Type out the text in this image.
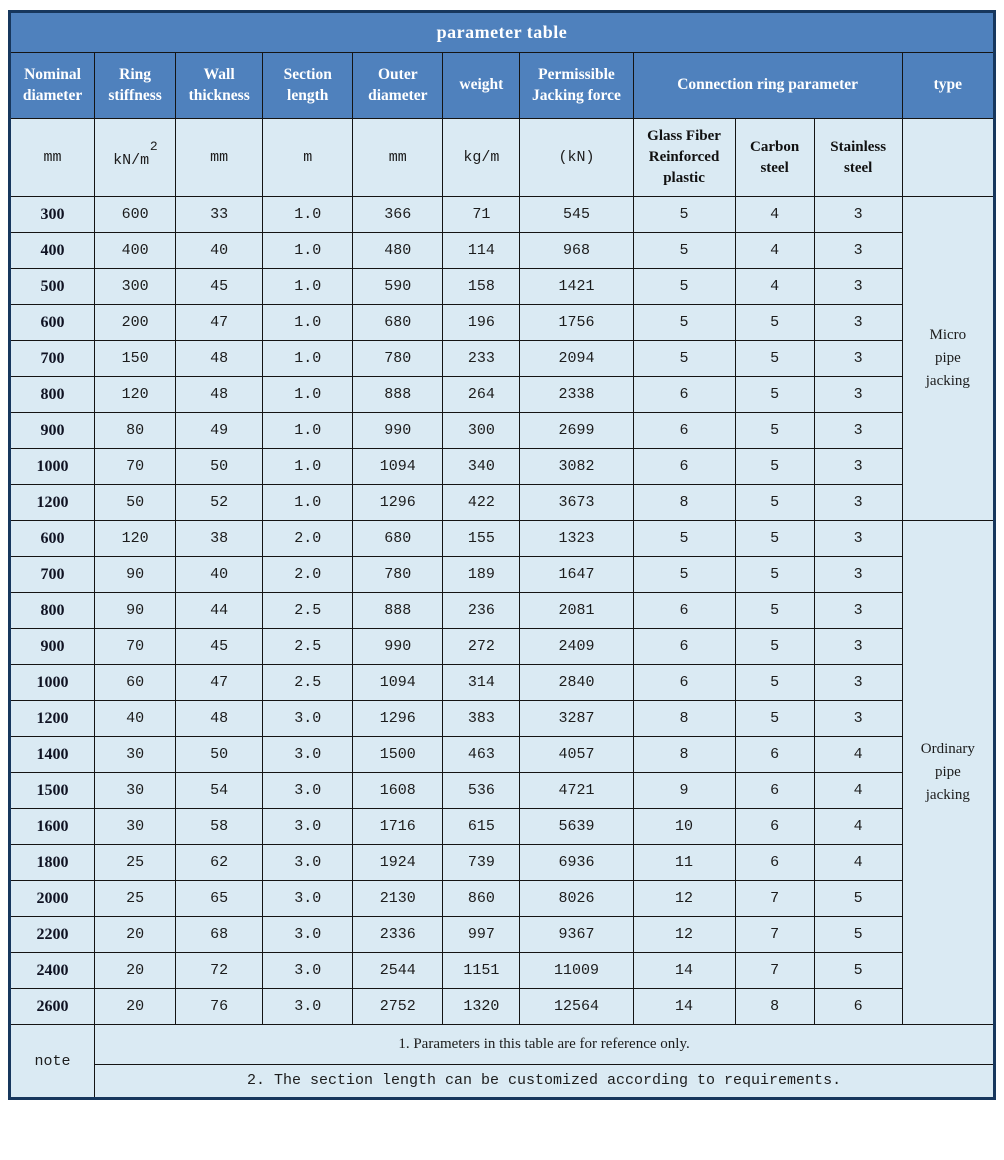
parameter table										
Nominal diameter	Ring stiffness	Wall thickness	Section length	Outer diameter	weight	Permissible Jacking force	Connection ring parameter			type
mm	$kN/m^2$	mm	m	mm	kg/m	(kN)	Glass Fiber Reinforced plastic	Carbon steel	Stainless steel	
300	600	33	1.0	366	71	545	5	4	3	Micro pipe jacking
400	400	40	1.0	480	114	968	5	4	3	
500	300	45	1.0	590	158	1421	5	4	3	
600	200	47	1.0	680	196	1756	5	5	3	
700	150	48	1.0	780	233	2094	5	5	3	
800	120	48	1.0	888	264	2338	6	5	3	
900	80	49	1.0	990	300	2699	6	5	3	
1000	70	50	1.0	1094	340	3082	6	5	3	
1200	50	52	1.0	1296	422	3673	8	5	3	
600	120	38	2.0	680	155	1323	5	5	3	Ordinary pipe jacking
700	90	40	2.0	780	189	1647	5	5	3	
800	90	44	2.5	888	236	2081	6	5	3	
900	70	45	2.5	990	272	2409	6	5	3	
1000	60	47	2.5	1094	314	2840	6	5	3	
1200	40	48	3.0	1296	383	3287	8	5	3	
1400	30	50	3.0	1500	463	4057	8	6	4	
1500	30	54	3.0	1608	536	4721	9	6	4	
1600	30	58	3.0	1716	615	5639	10	6	4	
1800	25	62	3.0	1924	739	6936	11	6	4	
2000	25	65	3.0	2130	860	8026	12	7	5	
2200	20	68	3.0	2336	997	9367	12	7	5	
2400	20	72	3.0	2544	1151	11009	14	7	5	
2600	20	76	3.0	2752	1320	12564	14	8	6	
note	1. Parameters in this table are for reference only.									
	2. The section length can be customized according to requirements.									
